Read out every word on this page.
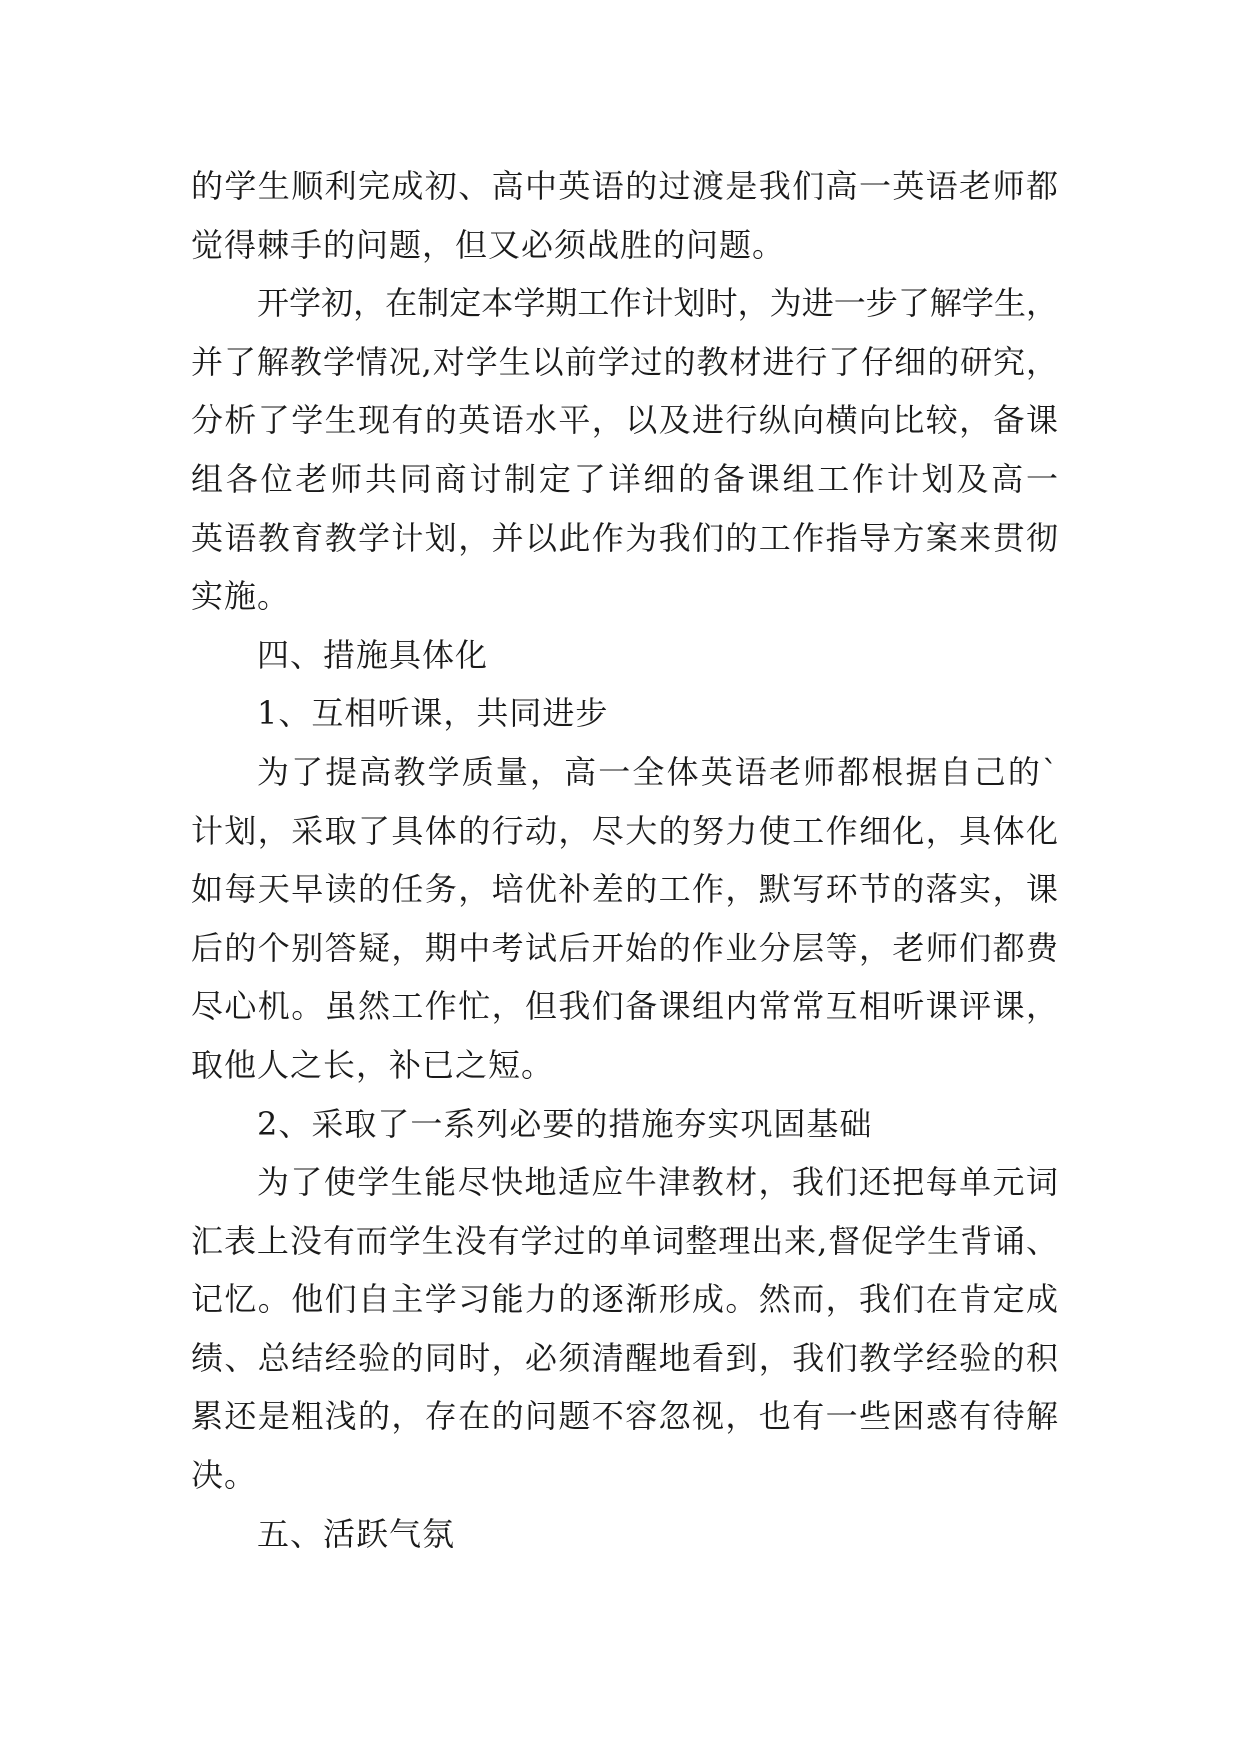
的学生顺利完成初、高中英语的过渡是我们高一英语老师都
觉得棘手的问题，但又必须战胜的问题。
开学初，在制定本学期工作计划时，为进一步了解学生，
并了解教学情况,对学生以前学过的教材进行了仔细的研究，
分析了学生现有的英语水平，以及进行纵向横向比较，备课
组各位老师共同商讨制定了详细的备课组工作计划及高一
英语教育教学计划，并以此作为我们的工作指导方案来贯彻
实施。
四、措施具体化
1、互相听课，共同进步
为了提高教学质量，高一全体英语老师都根据自己的`
计划，采取了具体的行动，尽大的努力使工作细化，具体化
如每天早读的任务，培优补差的工作，默写环节的落实，课
后的个别答疑，期中考试后开始的作业分层等，老师们都费
尽心机。虽然工作忙，但我们备课组内常常互相听课评课，
取他人之长，补已之短。
2、采取了一系列必要的措施夯实巩固基础
为了使学生能尽快地适应牛津教材，我们还把每单元词
汇表上没有而学生没有学过的单词整理出来,督促学生背诵、
记忆。他们自主学习能力的逐渐形成。然而，我们在肯定成
绩、总结经验的同时，必须清醒地看到，我们教学经验的积
累还是粗浅的，存在的问题不容忽视，也有一些困惑有待解
决。
五、活跃气氛
